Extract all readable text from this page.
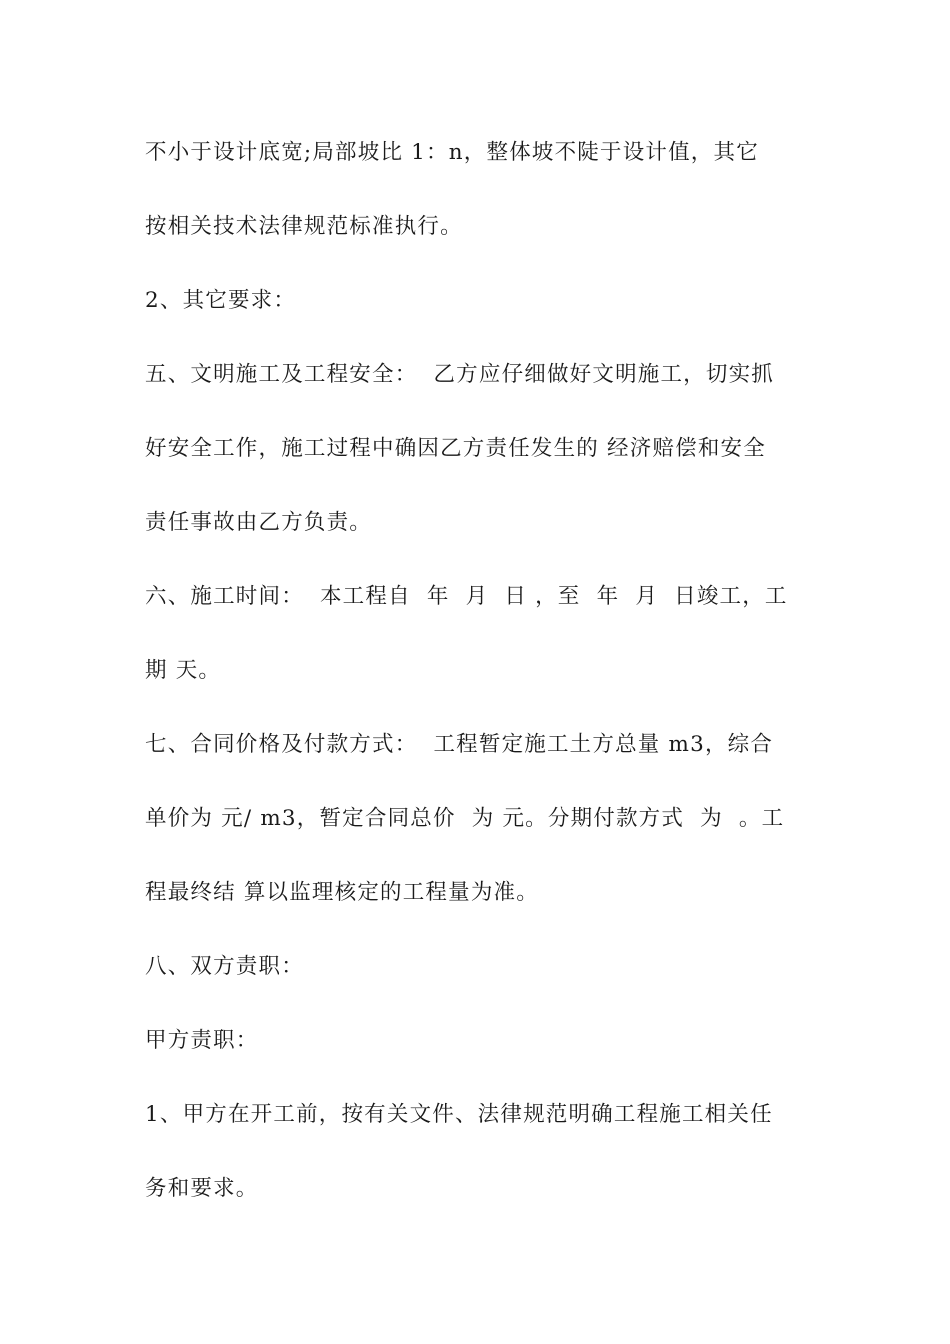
不小于设计底宽;局部坡比 1：n，整体坡不陡于设计值，其它
按相关技术法律规范标准执行。
2、其它要求：
五、文明施工及工程安全：  乙方应仔细做好文明施工，切实抓
好安全工作，施工过程中确因乙方责任发生的 经济赔偿和安全
责任事故由乙方负责。
六、施工时间：  本工程自  年  月  日 ，至  年  月  日竣工，工
期 天。
七、合同价格及付款方式：  工程暂定施工土方总量 m3，综合
单价为 元/ m3，暂定合同总价  为 元。分期付款方式  为  。工
程最终结 算以监理核定的工程量为准。
八、双方责职：
甲方责职：
1、甲方在开工前，按有关文件、法律规范明确工程施工相关任
务和要求。
